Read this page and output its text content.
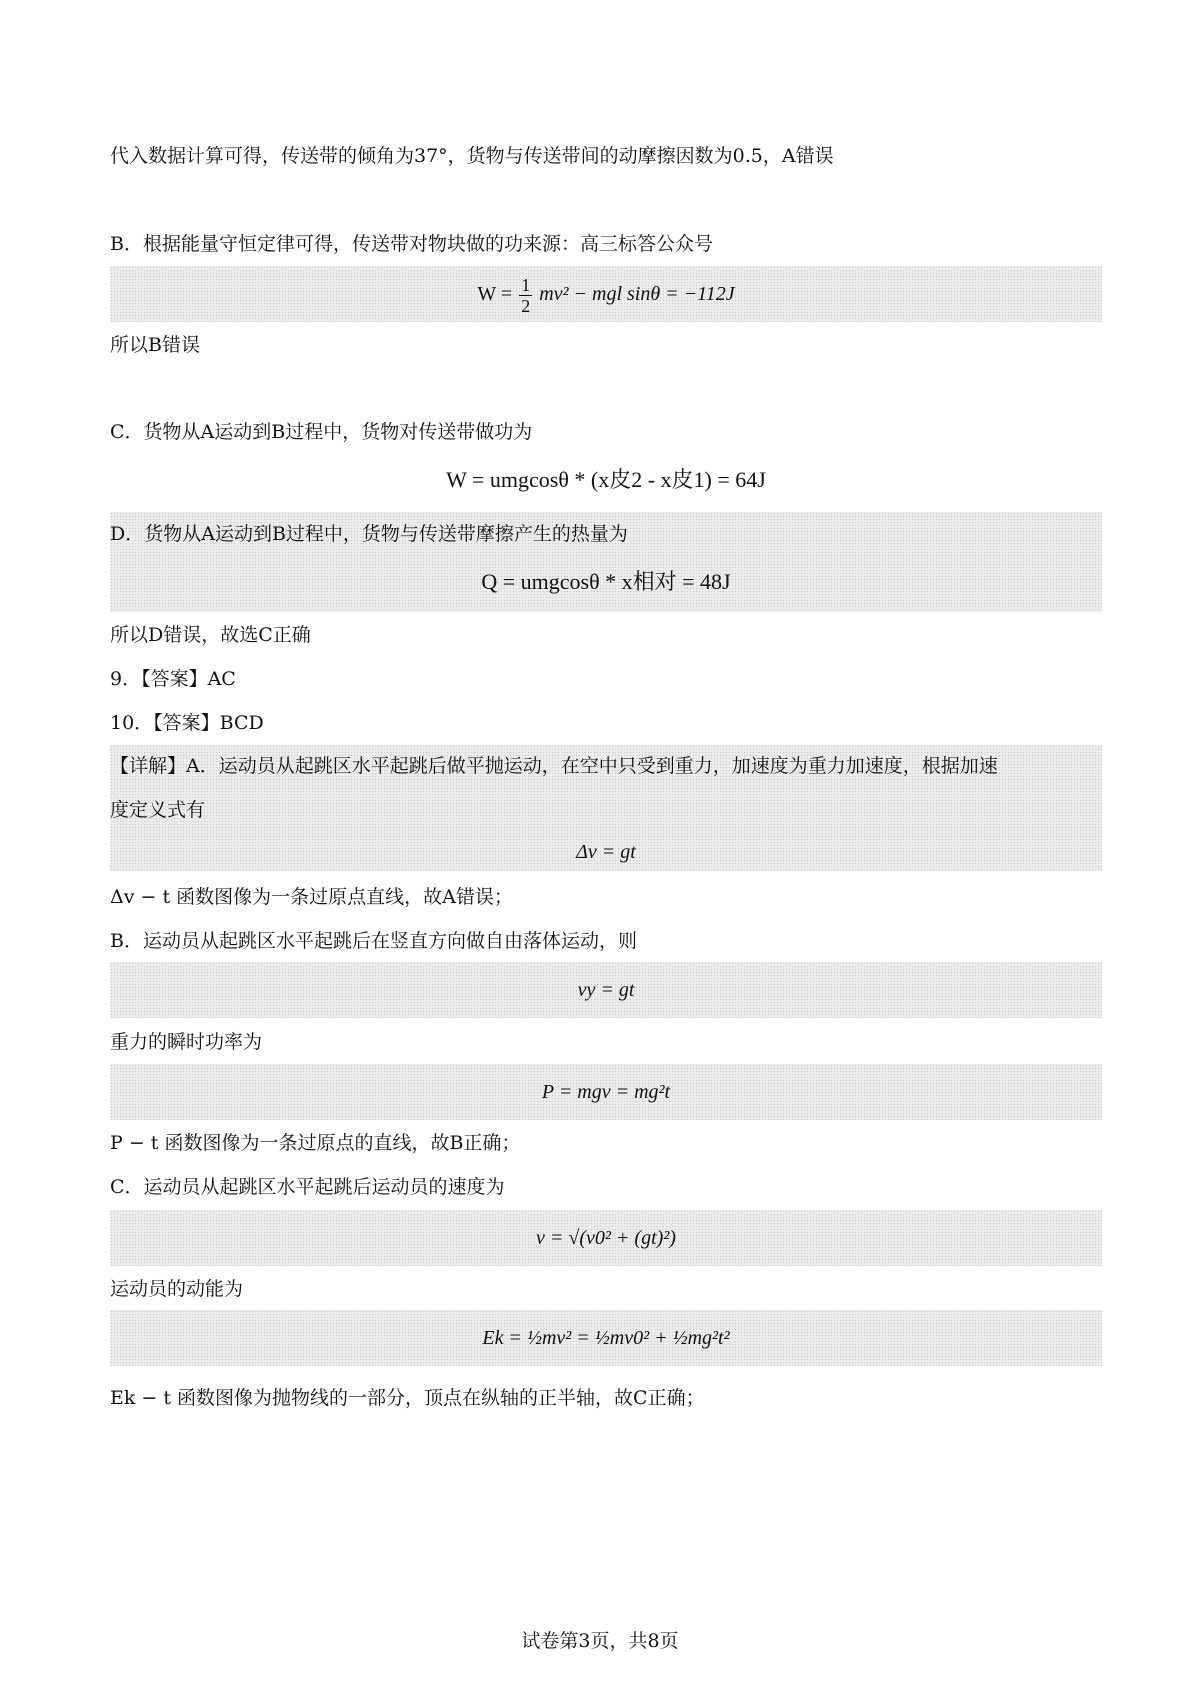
代入数据计算可得，传送带的倾角为37°，货物与传送带间的动摩擦因数为0.5，A错误
B．根据能量守恒定律可得，传送带对物块做的功来源：高三标答公众号
$W = \frac{1}{2} mv^2$ − mgl sinθ = −112J
所以B错误
C．货物从A运动到B过程中，货物对传送带做功为
W = umgcosθ * (x皮2 - x皮1) = 64J
D．货物从A运动到B过程中，货物与传送带摩擦产生的热量为
Q = umgcosθ * x相对 = 48J
所以D错误，故选C正确
9．【答案】AC
10．【答案】BCD
【详解】A．运动员从起跳区水平起跳后做平抛运动，在空中只受到重力，加速度为重力加速度，根据加速
度定义式有
Δv = gt
Δv − t 函数图像为一条过原点直线，故A错误；
B．运动员从起跳区水平起跳后在竖直方向做自由落体运动，则
vy = gt
重力的瞬时功率为
P = mgv = mg²t
P − t 函数图像为一条过原点的直线，故B正确；
C．运动员从起跳区水平起跳后运动员的速度为
v = √(v0² + (gt)²)
运动员的动能为
Ek = ½mv² = ½mv0² + ½mg²t²
Ek − t 函数图像为抛物线的一部分，顶点在纵轴的正半轴，故C正确；
试卷第3页，共8页
